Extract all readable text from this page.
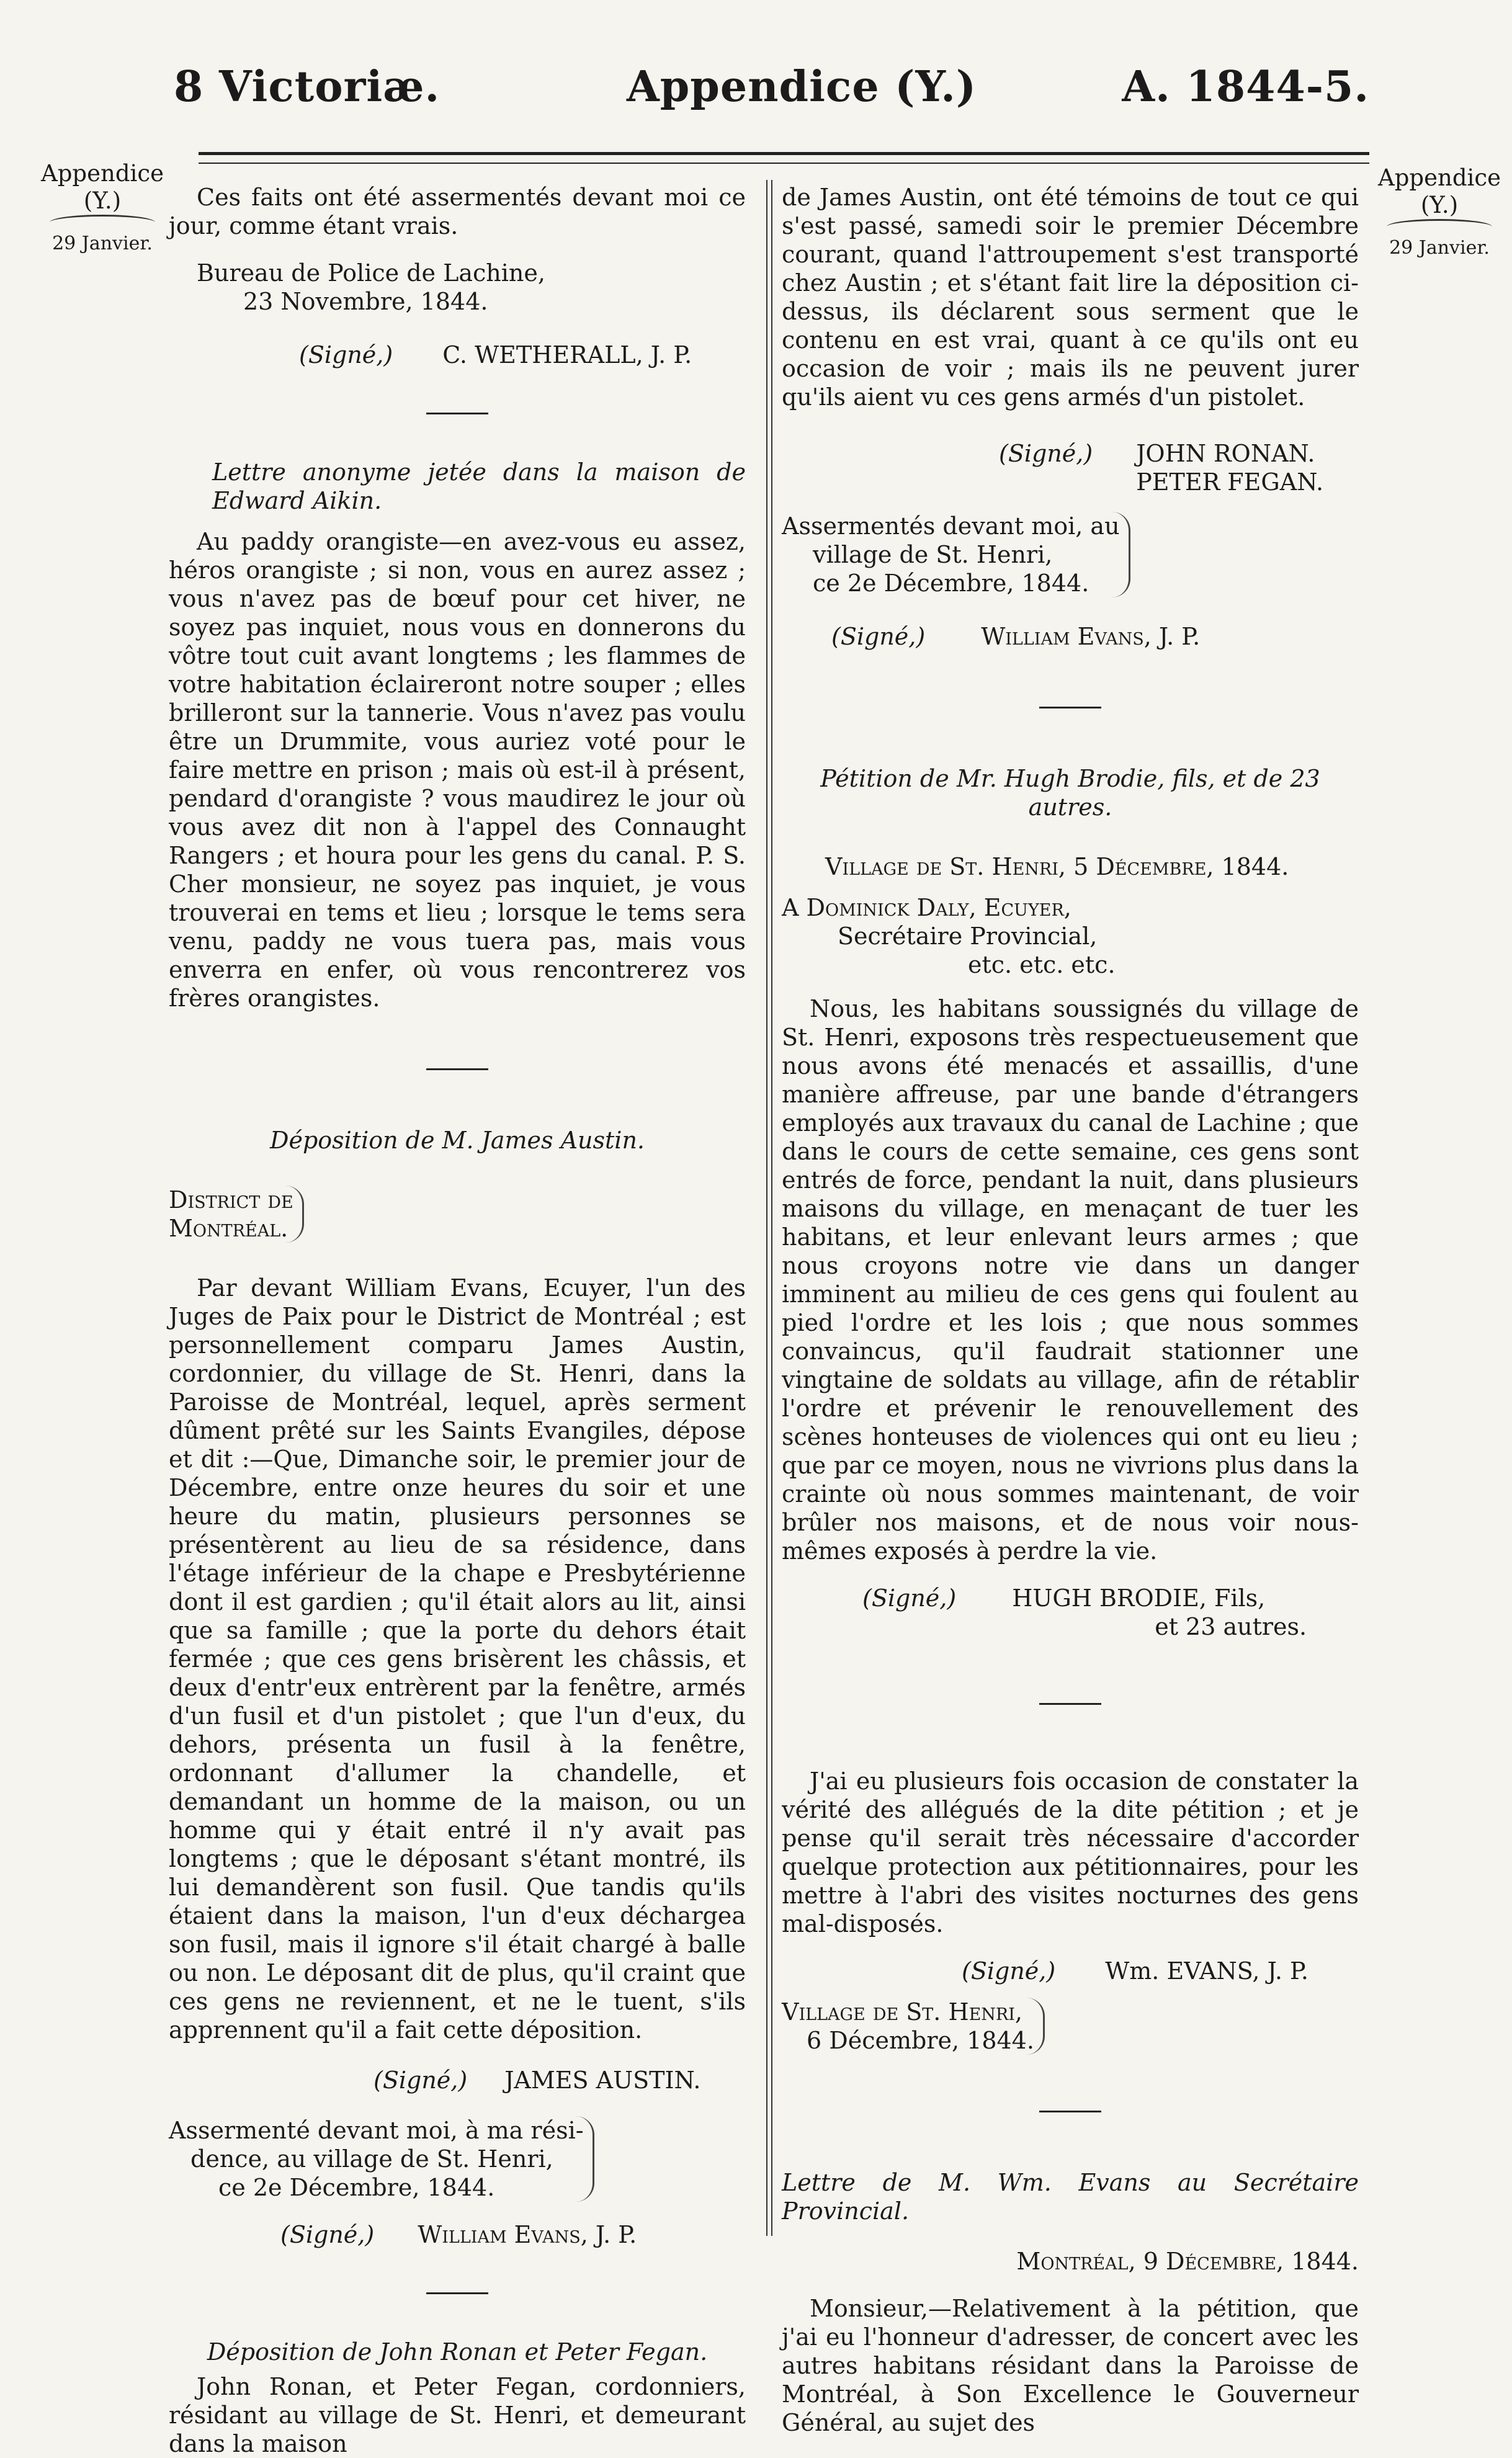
8 Victoriæ.	Appendice (Y.)	A. 1844-5.
Appendice
(Y.)
29 Janvier.
Appendice
(Y.)
29 Janvier.

Ces faits ont été assermentés devant moi ce jour, comme étant vrais.

Bureau de Police de Lachine,

23 Novembre, 1844.

(Signé,) C. WETHERALL, J. P.

Lettre anonyme jetée dans la maison de Edward Aikin.

Au paddy orangiste—en avez-vous eu assez, héros orangiste ; si non, vous en aurez assez ; vous n'avez pas de bœuf pour cet hiver, ne soyez pas inquiet, nous vous en donnerons du vôtre tout cuit avant longtems ; les flammes de votre habitation éclaireront notre souper ; elles brilleront sur la tannerie. Vous n'avez pas voulu être un Drummite, vous auriez voté pour le faire mettre en prison ; mais où est-il à présent, pendard d'orangiste ? vous maudirez le jour où vous avez dit non à l'appel des Connaught Rangers ; et houra pour les gens du canal. P. S. Cher monsieur, ne soyez pas inquiet, je vous trouverai en tems et lieu ; lorsque le tems sera venu, paddy ne vous tuera pas, mais vous enverra en enfer, où vous rencontrerez vos frères orangistes.

Déposition de M. James Austin.

District de
Montréal.

Par devant William Evans, Ecuyer, l'un des Juges de Paix pour le District de Montréal ; est personnellement comparu James Austin, cordonnier, du village de St. Henri, dans la Paroisse de Montréal, lequel, après serment dûment prêté sur les Saints Evangiles, dépose et dit :—Que, Dimanche soir, le premier jour de Décembre, entre onze heures du soir et une heure du matin, plusieurs personnes se présentèrent au lieu de sa résidence, dans l'étage inférieur de la chape e Presbytérienne dont il est gardien ; qu'il était alors au lit, ainsi que sa famille ; que la porte du dehors était fermée ; que ces gens brisèrent les châssis, et deux d'entr'eux entrèrent par la fenêtre, armés d'un fusil et d'un pistolet ; que l'un d'eux, du dehors, présenta un fusil à la fenêtre, ordonnant d'allumer la chandelle, et demandant un homme de la maison, ou un homme qui y était entré il n'y avait pas longtems ; que le déposant s'étant montré, ils lui demandèrent son fusil. Que tandis qu'ils étaient dans la maison, l'un d'eux déchargea son fusil, mais il ignore s'il était chargé à balle ou non. Le déposant dit de plus, qu'il craint que ces gens ne reviennent, et ne le tuent, s'ils apprennent qu'il a fait cette déposition.

(Signé,) JAMES AUSTIN.
Assermenté devant moi, à ma rési-
dence, au village de St. Henri,
ce 2e Décembre, 1844.
(Signé,) William Evans, J. P.

Déposition de John Ronan et Peter Fegan.

John Ronan, et Peter Fegan, cordonniers, résidant au village de St. Henri, et demeurant dans la maison

de James Austin, ont été témoins de tout ce qui s'est passé, samedi soir le premier Décembre courant, quand l'attroupement s'est transporté chez Austin ; et s'étant fait lire la déposition ci-dessus, ils déclarent sous serment que le contenu en est vrai, quant à ce qu'ils ont eu occasion de voir ; mais ils ne peuvent jurer qu'ils aient vu ces gens armés d'un pistolet.

(Signé,) JOHN RONAN.
PETER FEGAN.
Assermentés devant moi, au
village de St. Henri,
ce 2e Décembre, 1844.
(Signé,) William Evans, J. P.

Pétition de Mr. Hugh Brodie, fils, et de 23 autres.

Village de St. Henri, 5 Décembre, 1844.

A Dominick Daly, Ecuyer,

Secrétaire Provincial,

etc. etc. etc.

Nous, les habitans soussignés du village de St. Henri, exposons très respectueusement que nous avons été menacés et assaillis, d'une manière affreuse, par une bande d'étrangers employés aux travaux du canal de Lachine ; que dans le cours de cette semaine, ces gens sont entrés de force, pendant la nuit, dans plusieurs maisons du village, en menaçant de tuer les habitans, et leur enlevant leurs armes ; que nous croyons notre vie dans un danger imminent au milieu de ces gens qui foulent au pied l'ordre et les lois ; que nous sommes convaincus, qu'il faudrait stationner une vingtaine de soldats au village, afin de rétablir l'ordre et prévenir le renouvellement des scènes honteuses de violences qui ont eu lieu ; que par ce moyen, nous ne vivrions plus dans la crainte où nous sommes maintenant, de voir brûler nos maisons, et de nous voir nous-mêmes exposés à perdre la vie.

(Signé,) HUGH BRODIE, Fils,
et 23 autres.

J'ai eu plusieurs fois occasion de constater la vérité des allégués de la dite pétition ; et je pense qu'il serait très nécessaire d'accorder quelque protection aux pétitionnaires, pour les mettre à l'abri des visites nocturnes des gens mal-disposés.

(Signé,) Wm. EVANS, J. P.
Village de St. Henri,
6 Décembre, 1844.

Lettre de M. Wm. Evans au Secrétaire Provincial.

Montréal, 9 Décembre, 1844.

Monsieur,—Relativement à la pétition, que j'ai eu l'honneur d'adresser, de concert avec les autres habitans résidant dans la Paroisse de Montréal, à Son Excellence le Gouverneur Général, au sujet des
